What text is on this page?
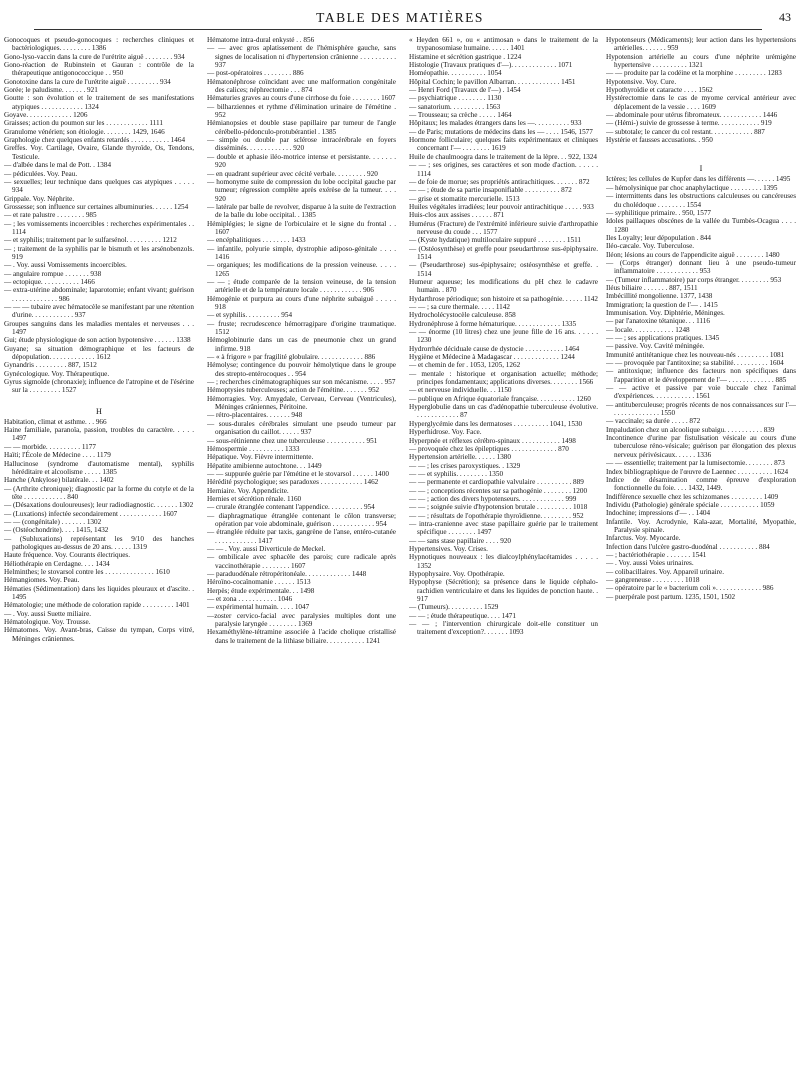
TABLE DES MATIÈRES	43

Gonocoques et pseudo-gonocoques : recherches cliniques et bactériologiques. . . . . . . . . 1386

Gono-lyso-vaccin dans la cure de l'urétrite aiguë . . . . . . . . 934

Gono-réaction de Rubinstein et Gauran : contrôle de la thérapeutique antigonococcique . . 950

Gonotoxine dans la cure de l'urétrite aiguë . . . . . . . . . 934

Gorée; le paludisme. . . . . . . 921

Goutte : son évolution et le traitement de ses manifestations atypiques . . . . . . . . . . . . 1324

Goyave. . . . . . . . . . . . . 1206

Graisses; action du poumon sur les . . . . . . . . . . . . 1111

Granulome vénérien; son étiologie. . . . . . . . 1429, 1646

Graphologie chez quelques enfants retardés . . . . . . . . . . . 1464

Greffes. Voy. Cartilage, Ovaire, Glande thyroïde, Os, Tendons, Testicule.

— d'albée dans le mal de Pott. . 1384

— pédiculées. Voy. Peau.

— sexuelles; leur technique dans quelques cas atypiques . . . . . 934

Grippale. Voy. Néphrite.

Grossesse; son influence sur certaines albuminuries. . . . . . 1254

— et rate palustre . . . . . . . . 985

— ; les vomissements incoercibles : recherches expérimentales . . 1114

— et syphilis; traitement par le sulfarsénol. . . . . . . . . . 1212

— ; traitement de la syphilis par le bismuth et les arsénobenzols. 919

— . Voy. aussi Vomissements incoercibles.

— angulaire rompue . . . . . . . 938

— ectopique. . . . . . . . . . . 1466

— extra-utérine abdominale; laparotomie; enfant vivant; guérison . . . . . . . . . . . . . 986

— — — tubaire avec hématocèle se manifestant par une rétention d'urine. . . . . . . . . . . . 937

Groupes sanguins dans les maladies mentales et nerveuses . . . 1497

Gui; étude physiologique de son action hypotensive . . . . . . 1338

Guyane; sa situation démographique et les facteurs de dépopulation. . . . . . . . . . . . . 1612

Gynandris . . . . . . . . . 887, 1512

Gynécologique. Voy. Thérapeutique.

Gyrus sigmoïde (chronaxie); influence de l'atropine et de l'ésérine sur la . . . . . . . . . 1527

H

Habitation, climat et asthme. . . 966

Haine familiale, paranoïa, passion, troubles du caractère. . . . . 1497

— — morbide. . . . . . . . . . 1177

Haïti; l'École de Médecine . . . . 1179

Hallucinose (syndrome d'automatisme mental), syphilis héréditaire et alcoolisme . . . . . 1385

Hanche (Ankylose) bilatérale. . . 1402

— (Arthrite chronique); diagnostic par la forme du cotyle et de la tête . . . . . . . . . . . . 840

— (Désaxations douloureuses); leur radiodiagnostic. . . . . . . 1302

— (Luxations) infectée secondairement . . . . . . . . . . . . 1607

— — (congénitale) . . . . . . . 1302

— (Ostéochondrite). . . . 1415, 1432

— (Subluxations) représentant les 9/10 des hanches pathologiques au-dessus de 20 ans. . . . . . 1319

Haute fréquence. Voy. Courants électriques.

Héliothérapie en Cerdagne. . . . 1434

Helminthes; le stovarsol contre les . . . . . . . . . . . . . . 1610

Hémangiomes. Voy. Peau.

Hématies (Sédimentation) dans les liquides pleuraux et d'ascite. . 1495

Hématologie; une méthode de coloration rapide . . . . . . . . . 1401

— . Voy. aussi Suette miliaire.

Hématologique. Voy. Trousse.

Hématomes. Voy. Avant-bras, Caisse du tympan, Corps vitré, Méninges crâniennes.

Hématome intra-dural enkysté . . 856

— — avec gros aplatissement de l'hémisphère gauche, sans signes de localisation ni d'hypertension crânienne . . . . . . . . . . 937

— post-opératoires . . . . . . . . 886

Hématonéphrose coïncidant avec une malformation congénitale des calices; néphrectomie . . . 874

Hématuries graves au cours d'une cirrhose du foie . . . . . . . . 1607

— bilharziennes et rythme d'élimination urinaire de l'émétine . 952

Hémianopsies et double stase papillaire par tumeur de l'angle cérébello-pédonculo-protubérantiel . 1385

— simple ou double par sclérose intracérébrale en foyers disséminés. . . . . . . . . . . . . 920

— double et aphasie iléo-motrice intense et persistante. . . . . . . 920

— en quadrant supérieur avec cécité verbale. . . . . . . . . 920

— homonyme suite de compression du lobe occipital gauche par tumeur; régression complète après exérèse de la tumeur. . . . 920

— latérale par balle de revolver, disparue à la suite de l'extraction de la balle du lobe occipital. . 1385

Hémiplégies; le signe de l'orbiculaire et le signe du frontal . . 1607

— encéphalitiques . . . . . . . . 1433

— infantile, polyurie simple, dystrophie adiposo-génitale . . . . 1416

— organiques; les modifications de la pression veineuse. . . . . 1265

— — ; étude comparée de la tension veineuse, de la tension artérielle et de la température locale . . . . . . . . . . . . 906

Hémogénie et purpura au cours d'une néphrite subaiguë . . . . . 918

— et syphilis. . . . . . . . . . 954

— fruste; recrudescence hémorragipare d'origine traumatique. 1512

Hémoglobinurie dans un cas de pneumonie chez un grand infirme. 918

— « à frigore » par fragilité globulaire. . . . . . . . . . . . . 886

Hémolyse; contingence du pouvoir hémolytique dans le groupe des strepto-entérocoques . . 954

— ; recherches cinématographiques sur son mécanisme. . . . . 957

Hémoptysies tuberculeuses; action de l'émétine. . . . . . . 952

Hémorragies. Voy. Amygdale, Cerveau, Cerveau (Ventricules), Méninges crâniennes, Péritoine.

— rétro-placentaires. . . . . . . 948

— sous-durales cérébrales simulant une pseudo tumeur par organisation du caillot. . . . . . 937

— sous-rétinienne chez une tuberculeuse . . . . . . . . . . . 951

Hémospermie . . . . . . . . . . 1333

Hépatique. Voy. Fièvre intermittente.

Hépatite amibienne autochtone. . . 1449

— — suppurée guérie par l'émétine et le stovarsol . . . . . . 1400

Hérédité psychologique; ses paradoxes . . . . . . . . . . . . 1462

Herniaire. Voy. Appendicite.

Hernies et sécrétion rénale. 1160

— crurale étranglée contenant l'appendice. . . . . . . . . . 954

— diaphragmatique étranglée contenant le côlon transverse; opération par voie abdominale, guérison . . . . . . . . . . . . 954

— étranglée réduite par taxis, gangrène de l'anse, entéro-cutanée . . . . . . . . . . . . 1417

— — . Voy. aussi Diverticule de Meckel.

— ombilicale avec sphacèle des parois; cure radicale après vaccinothérapie . . . . . . . . 1607

— paraduodénale rétropéritonéale. . . . . . . . . . . . . 1448

Héroïno-cocaïnomanie . . . . . . 1513

Herpès; étude expérimentale. . . 1498

— et zona . . . . . . . . . . . 1046

— expérimental humain. . . . . 1047

—zoster cervico-facial avec paralysies multiples dont une paralysie laryngée . . . . . . . . 1369

Hexaméthylène-tétramine associée à l'acide cholique cristallisé dans le traitement de la lithiase biliaire. . . . . . . . . . . 1241

« Heyden 661 », ou « antimosan » dans le traitement de la trypanosomiase humaine. . . . . . 1401

Histamine et sécrétion gastrique . 1224

Histologie (Travaux pratiques d'—). . . . . . . . . . . . . 1071

Homéopathie. . . . . . . . . . . 1054

Hôpital Cochin; le pavillon Albarran. . . . . . . . . . . . . 1451

— Henri Ford (Travaux de l'—) . 1454

— psychiatrique . . . . . . . . 1130

— sanatorium. . . . . . . . . . 1563

— Trousseau; sa crèche . . . . . 1464

Hôpitaux; les malades étrangers dans les —. . . . . . . . . . 933

— de Paris; mutations de médecins dans les — . . . . 1546, 1577

Hormone folliculaire; quelques faits expérimentaux et cliniques concernant l'— . . . . . . . . 1619

Huile de chaulmoogra dans le traitement de la lèpre. . . 922, 1324

— — ; ses origines, ses caractères et son mode d'action. . . . . . 1114

— de foie de morue; ses propriétés antirachitiques. . . . . . . 872

— — ; étude de sa partie insaponifiable . . . . . . . . . . 872

— grise et stomatite mercurielle. 1513

Huiles végétales irradiées; leur pouvoir antirachitique . . . . . 933

Huis-clos aux assises . . . . . . 871

Humérus (Fracture) de l'extrémité inférieure suivie d'arthropathie nerveuse du coude . . . 1577

— (Kyste hydatique) multiloculaire suppuré . . . . . . . . 1511

— (Ostéosynthèse) et greffe pour pseudarthrose sus-épiphysaire. 1514

— (Pseudarthrose) sus-épiphysaire; ostéosynthèse et greffe. . 1514

Humeur aqueuse; les modifications du pH chez le cadavre humain. . 870

Hydarthrose périodique; son histoire et sa pathogénie. . . . . . 1142

— — ; sa cure thermale. . . . . 1142

Hydrocholécystocèle calculeuse. 858

Hydronéphrose à forme hématurique. . . . . . . . . . . . . 1335

— — énorme (10 litres) chez une jeune fille de 16 ans. . . . . . 1230

Hydrorrhée déciduale cause de dystocie . . . . . . . . . . . 1464

Hygiène et Médecine à Madagascar . . . . . . . . . . . . . 1244

— et chemin de fer . 1053, 1205, 1262

— mentale : historique et organisation actuelle; méthode; principes fondamentaux; applications diverses. . . . . . . . 1566

— et nerveuse individuelle. . . 1150

— publique en Afrique équatoriale française. . . . . . . . . . . 1260

Hyperglobulie dans un cas d'adénopathie tuberculeuse évolutive. . . . . . . . . . . . . 87

Hyperglycémie dans les dermatoses . . . . . . . . . . 1041, 1530

Hyperhidrose. Voy. Face.

Hyperpnée et réflexes cérébro-spinaux . . . . . . . . . . . 1498

— provoquée chez les épileptiques . . . . . . . . . . . . . 870

Hypertension artérielle. . . . . . 1380

— — ; les crises paroxystiques. . 1329

— — et syphilis. . . . . . . . . 1350

— — permanente et cardiopathie valvulaire . . . . . . . . . . 889

— — ; conceptions récentes sur sa pathogénie . . . . . . . . 1200

— — ; action des divers hypotenseurs. . . . . . . . . . . . . 999

— — ; soignée suivie d'hypotension brutale . . . . . . . . . . 1018

— — ; résultats de l'opothérapie thyroïdienne. . . . . . . . . 952

— intra-cranienne avec stase papillaire guérie par le traitement spécifique . . . . . . . . 1497

— — sans stase papillaire . . . . 920

Hypertensives. Voy. Crises.

Hypnotiques nouveaux : les dialcoylphénylacétamides . . . . . 1352

Hypophysaire. Voy. Opothérapie.

Hypophyse (Sécrétion); sa présence dans le liquide céphalo-rachidien ventriculaire et dans les liquides de ponction haute. . 917

— (Tumeurs). . . . . . . . . . 1529

— — ; étude thérapeutique. . . . 1471

— — ; l'intervention chirurgicale doit-elle constituer un traitement d'exception?. . . . . . . 1093

Hypotenseurs (Médicaments); leur action dans les hypertensions artérielles. . . . . . . 959

Hypotension artérielle au cours d'une néphrite urémigène hypertensive . . . . . . . . . . 1321

— — produite par la codéine et la morphine . . . . . . . . . 1283

Hypotensive. Voy. Cure.

Hypothyroïdie et cataracte . . . . 1562

Hystérectomie dans le cas de myome cervical antérieur avec déplacement de la vessie . . . . 1609

— abdominale pour utérus fibromateux. . . . . . . . . . . . 1446

— (Hémi-) suivie de grossesse à terme. . . . . . . . . . . . 919

— subtotale; le cancer du col restant. . . . . . . . . . . . 887

Hystérie et fausses accusations. . 950

I

Ictères; les cellules de Kupfer dans les différents —. . . . . . 1495

— hémolysinique par choc anaphylactique . . . . . . . . . 1395

— intermittents dans les obstructions calculeuses ou cancéreuses du cholédoque . . . . . . . . 1554

— syphilitique primaire. . 950, 1577

Idoles paillaques obscénes de la vallée du Tumbès-Ocagua . . . . 1280

Iles Loyalty; leur dépopulation . 844

Iléo-cæcale. Voy. Tuberculose.

Iléon; lésions au cours de l'appendicite aiguë . . . . . . . . 1480

— (Corps étranger) donnant lieu à une pseudo-tumeur inflammatoire . . . . . . . . . . . . 953

— (Tumeur inflammatoire) par corps étranger. . . . . . . . . 953

Iléus biliaire . . . . . . . 887, 1511

Imbécillité mongolienne. 1377, 1438

Immigration; la question de l'— . 1415

Immunisation. Voy. Diphtérie, Méninges.

— par l'anatoxine tétanique. . . 1116

— locale. . . . . . . . . . . . 1248

— — ; ses applications pratiques. 1345

— passive. Voy. Cavité méningée.

Immunité antitétanique chez les nouveau-nés . . . . . . . . . 1081

— — provoquée par l'antitoxine; sa stabilité. . . . . . . . . . 1604

— antitoxique; influence des facteurs non spécifiques dans l'apparition et le développement de l'— . . . . . . . . . . . . . 885

— — active et passive par voie buccale chez l'animal d'expériences. . . . . . . . . . . . 1561

— antituberculeuse; progrès récents de nos connaissances sur l'— . . . . . . . . . . . . . 1550

— vaccinale; sa durée . . . . . 872

Impaludation chez un alcoolique subaigu. . . . . . . . . . . 839

Incontinence d'urine par fistulisation vésicale au cours d'une tuberculose réno-vésicale; guérison par élongation des plexus nerveux périvésicaux. . . . . . 1336

— — essentielle; traitement par la lumisectomie. . . . . . . . 873

Index bibliographique de l'œuvre de Laennec . . . . . . . . . . 1624

Indice de désamination comme épreuve d'exploration fonctionnelle du foie. . . . 1432, 1449.

Indifférence sexuelle chez les schizomanes . . . . . . . . . 1409

Individu (Pathologie) générale spéciale . . . . . . . . . . . 1059

Indochine; impressions d'— . . 1404

Infantile. Voy. Acrodynie, Kala-azar, Mortalité, Myopathie, Paralysie spinale.

Infarctus. Voy. Myocarde.

Infection dans l'ulcère gastro-duodénal . . . . . . . . . . . 884

— ; bactériothérapie . . . . . . . 1541

— . Voy. aussi Voies urinaires.

— colibacillaires. Voy. Appareil urinaire.

— gangreneuse . . . . . . . . . 1018

— opératoire par le « bacterium coli ». . . . . . . . . . . . . 986

— puerpérale post partum. 1235, 1501, 1502
